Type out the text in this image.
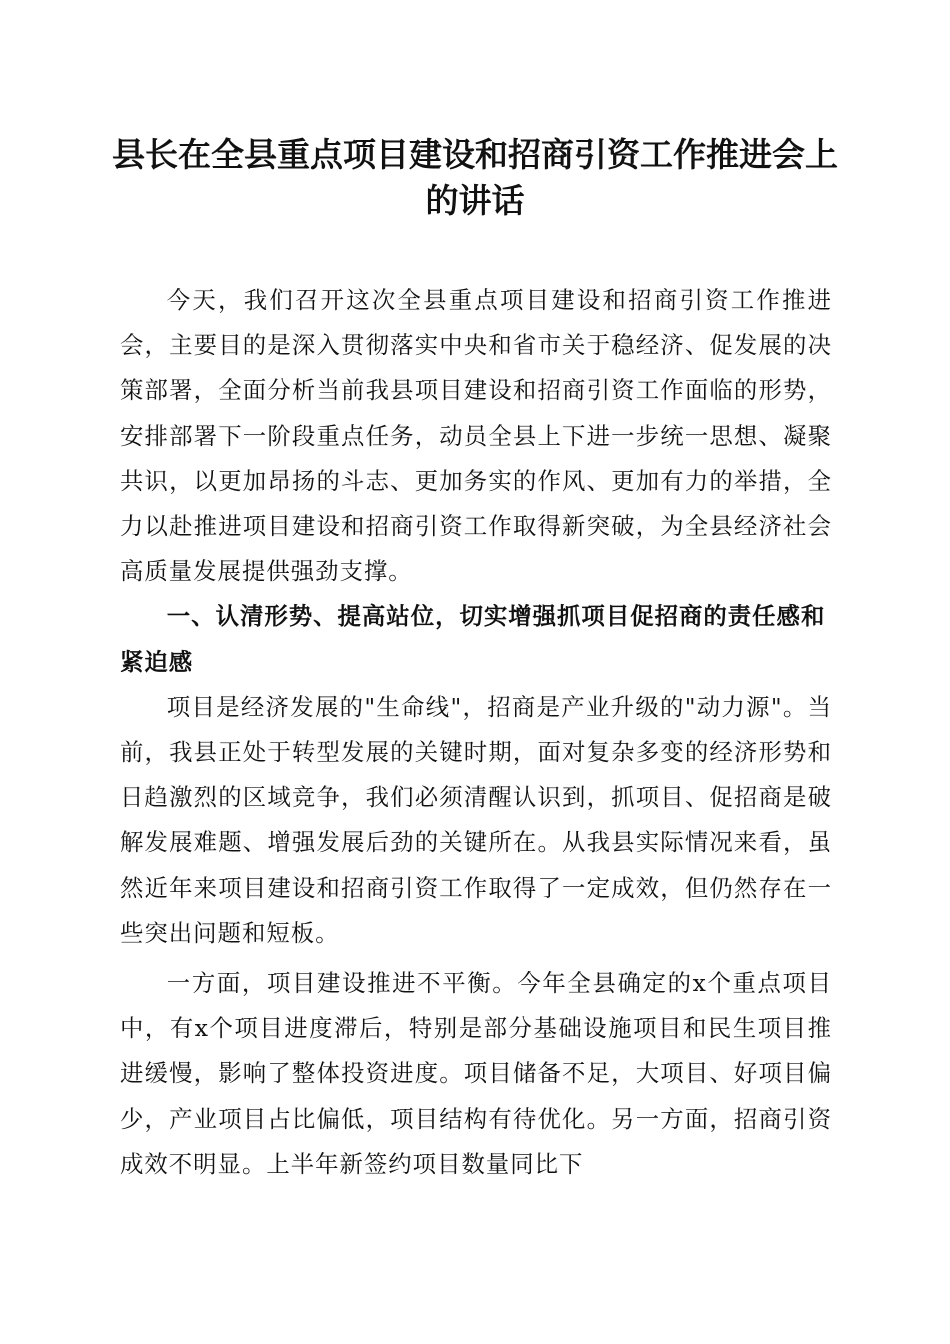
县长在全县重点项目建设和招商引资工作推进会上的讲话

今天，我们召开这次全县重点项目建设和招商引资工作推进会，主要目的是深入贯彻落实中央和省市关于稳经济、促发展的决策部署，全面分析当前我县项目建设和招商引资工作面临的形势，安排部署下一阶段重点任务，动员全县上下进一步统一思想、凝聚共识，以更加昂扬的斗志、更加务实的作风、更加有力的举措，全力以赴推进项目建设和招商引资工作取得新突破，为全县经济社会高质量发展提供强劲支撑。

一、认清形势、提高站位，切实增强抓项目促招商的责任感和紧迫感

项目是经济发展的"生命线"，招商是产业升级的"动力源"。当前，我县正处于转型发展的关键时期，面对复杂多变的经济形势和日趋激烈的区域竞争，我们必须清醒认识到，抓项目、促招商是破解发展难题、增强发展后劲的关键所在。从我县实际情况来看，虽然近年来项目建设和招商引资工作取得了一定成效，但仍然存在一些突出问题和短板。

一方面，项目建设推进不平衡。今年全县确定的x个重点项目中，有x个项目进度滞后，特别是部分基础设施项目和民生项目推进缓慢，影响了整体投资进度。项目储备不足，大项目、好项目偏少，产业项目占比偏低，项目结构有待优化。另一方面，招商引资成效不明显。上半年新签约项目数量同比下
